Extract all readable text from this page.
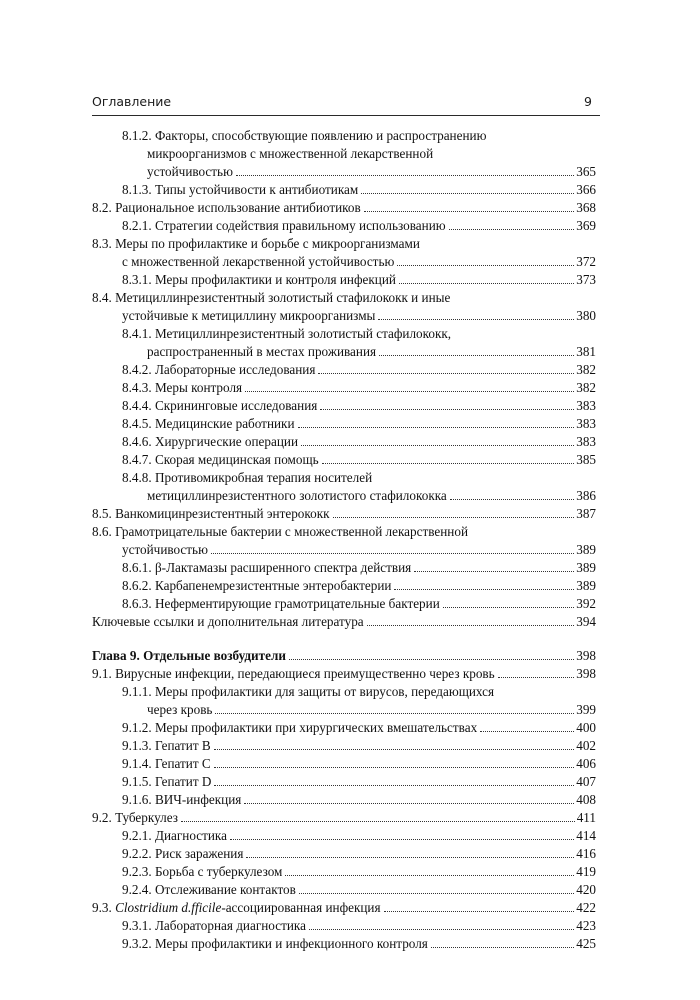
Оглавление	9
8.1.2. Факторы, способствующие появлению и распространению
микроорганизмов с множественной лекарственной
устойчивостью	365
8.1.3. Типы устойчивости к антибиотикам	366
8.2. Рациональное использование антибиотиков	368
8.2.1. Стратегии содействия правильному использованию	369
8.3. Меры по профилактике и борьбе с микроорганизмами
с множественной лекарственной устойчивостью	372
8.3.1. Меры профилактики и контроля инфекций	373
8.4. Метициллинрезистентный золотистый стафилококк и иные
устойчивые к метициллину микроорганизмы	380
8.4.1. Метициллинрезистентный золотистый стафилококк,
распространенный в местах проживания	381
8.4.2. Лабораторные исследования	382
8.4.3. Меры контроля	382
8.4.4. Скрининговые исследования	383
8.4.5. Медицинские работники	383
8.4.6. Хирургические операции	383
8.4.7. Скорая медицинская помощь	385
8.4.8. Противомикробная терапия носителей
метициллинрезистентного золотистого стафилококка	386
8.5. Ванкомицинрезистентный энтерококк	387
8.6. Грамотрицательные бактерии с множественной лекарственной
устойчивостью	389
8.6.1. β-Лактамазы расширенного спектра действия	389
8.6.2. Карбапенемрезистентные энтеробактерии	389
8.6.3. Неферментирующие грамотрицательные бактерии	392
Ключевые ссылки и дополнительная литература	394
Глава 9. Отдельные возбудители	398
9.1. Вирусные инфекции, передающиеся преимущественно через кровь	398
9.1.1. Меры профилактики для защиты от вирусов, передающихся
через кровь	399
9.1.2. Меры профилактики при хирургических вмешательствах	400
9.1.3. Гепатит В	402
9.1.4. Гепатит С	406
9.1.5. Гепатит D	407
9.1.6. ВИЧ-инфекция	408
9.2. Туберкулез	411
9.2.1. Диагностика	414
9.2.2. Риск заражения	416
9.2.3. Борьба с туберкулезом	419
9.2.4. Отслеживание контактов	420
9.3. Clostridium d.fficile-ассоциированная инфекция	422
9.3.1. Лабораторная диагностика	423
9.3.2. Меры профилактики и инфекционного контроля	425
